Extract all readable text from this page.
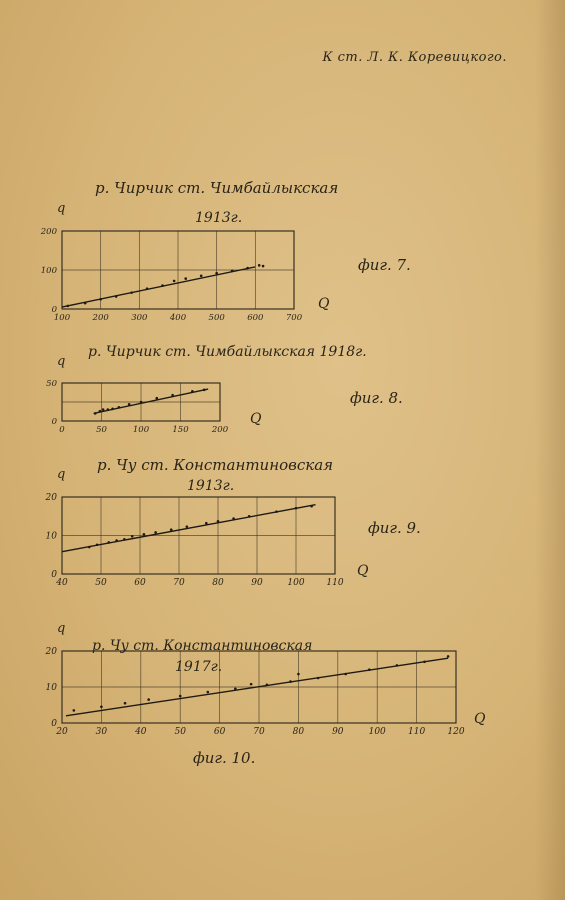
К ст. Л. К. Коревицкого.
100	200	300	400	500	600	700
0
100
200
р. Чирчик ст. Чимбайлыкская
1913г.
фиг. 7.
Q
q
0	50	100	150	200
0
50
р. Чирчик ст. Чимбайлыкская 1918г.
фиг. 8.
Q
q
40	50	60	70	80	90	100 110
0
10
20
р. Чу ст. Константиновская
1913г.
фиг. 9.
Q
q
20	30	40	50	60	70	80	90	100 110 120
0
10
20	р. Чу ст. Константиновская
1917г.
фиг. 10.
Q
q
